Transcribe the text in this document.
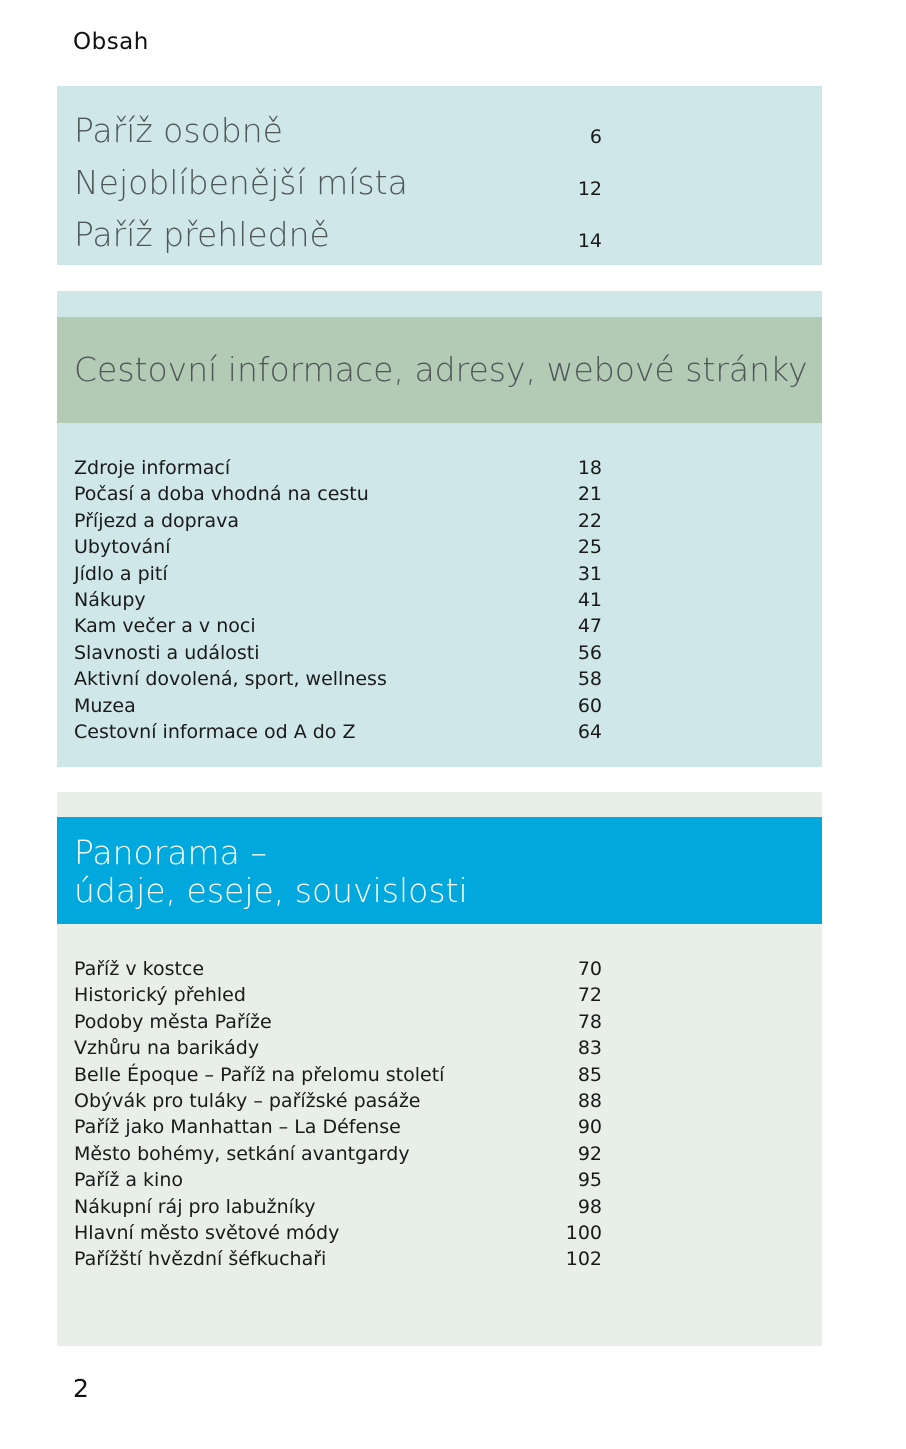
Obsah
Paříž osobně	6
Nejoblíbenější místa	12
Paříž přehledně	14
Cestovní informace, adresy, webové stránky
Zdroje informací	18
Počasí a doba vhodná na cestu	21
Příjezd a doprava	22
Ubytování	25
Jídlo a pití	31
Nákupy	41
Kam večer a v noci	47
Slavnosti a události	56
Aktivní dovolená, sport, wellness	58
Muzea	60
Cestovní informace od A do Z	64
Panorama –
údaje, eseje, souvislosti
Paříž v kostce	70
Historický přehled	72
Podoby města Paříže	78
Vzhůru na barikády	83
Belle Époque – Paříž na přelomu století	85
Obývák pro tuláky – pařížské pasáže	88
Paříž jako Manhattan – La Défense	90
Město bohémy, setkání avantgardy	92
Paříž a kino	95
Nákupní ráj pro labužníky	98
Hlavní město světové módy	100
Pařížští hvězdní šéfkuchaři	102
2
